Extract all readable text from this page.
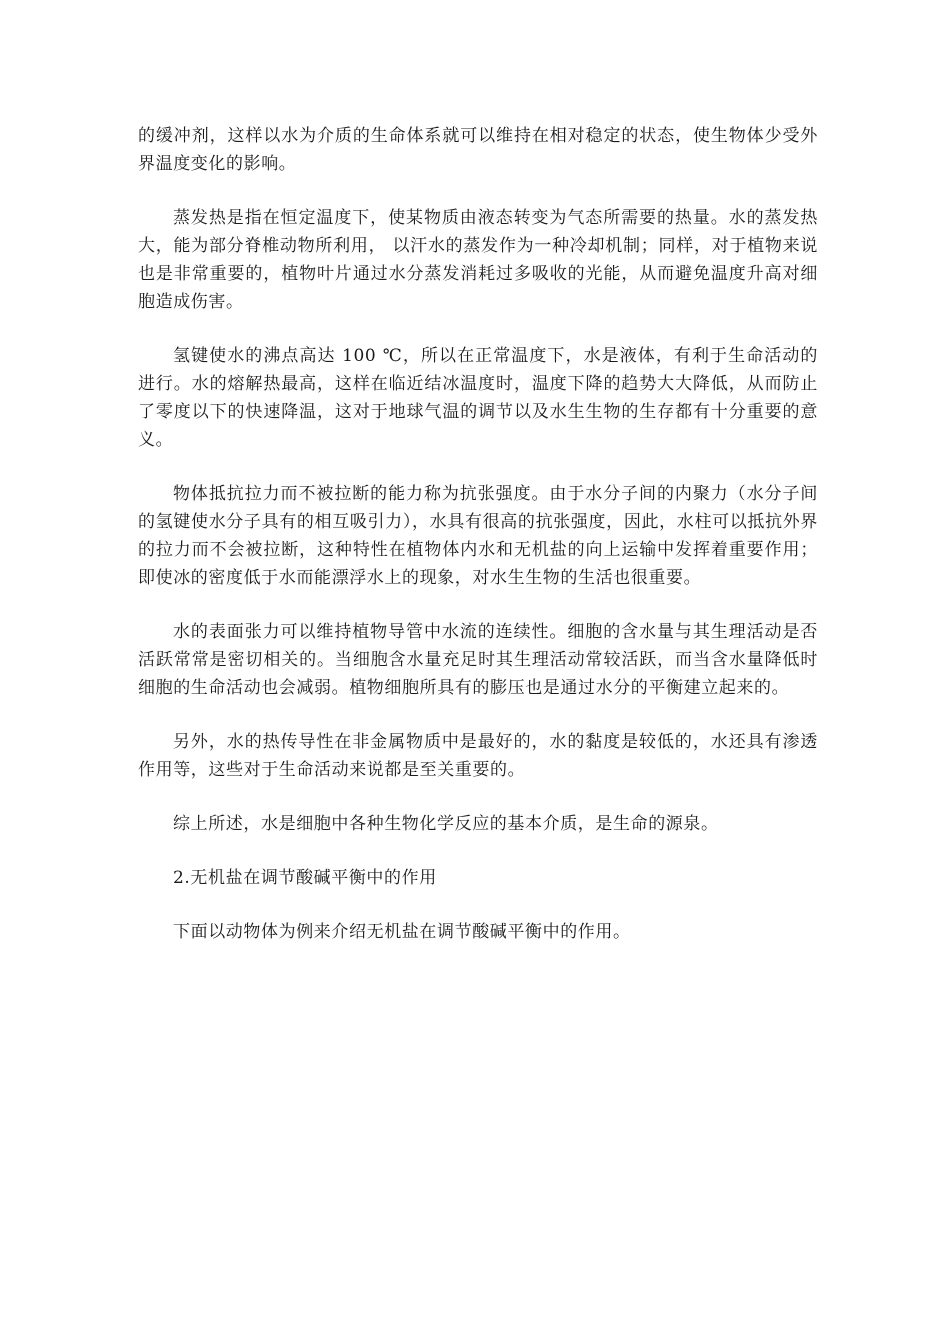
的缓冲剂，这样以水为介质的生命体系就可以维持在相对稳定的状态，使生物体少受外界温度变化的影响。

蒸发热是指在恒定温度下，使某物质由液态转变为气态所需要的热量。水的蒸发热大，能为部分脊椎动物所利用， 以汗水的蒸发作为一种冷却机制；同样，对于植物来说也是非常重要的，植物叶片通过水分蒸发消耗过多吸收的光能，从而避免温度升高对细胞造成伤害。

氢键使水的沸点高达 100 ℃，所以在正常温度下，水是液体，有利于生命活动的进行。水的熔解热最高，这样在临近结冰温度时，温度下降的趋势大大降低，从而防止了零度以下的快速降温，这对于地球气温的调节以及水生生物的生存都有十分重要的意义。

物体抵抗拉力而不被拉断的能力称为抗张强度。由于水分子间的内聚力（水分子间的氢键使水分子具有的相互吸引力），水具有很高的抗张强度，因此，水柱可以抵抗外界的拉力而不会被拉断，这种特性在植物体内水和无机盐的向上运输中发挥着重要作用；即使冰的密度低于水而能漂浮水上的现象，对水生生物的生活也很重要。

水的表面张力可以维持植物导管中水流的连续性。细胞的含水量与其生理活动是否活跃常常是密切相关的。当细胞含水量充足时其生理活动常较活跃，而当含水量降低时细胞的生命活动也会减弱。植物细胞所具有的膨压也是通过水分的平衡建立起来的。

另外，水的热传导性在非金属物质中是最好的，水的黏度是较低的，水还具有渗透作用等，这些对于生命活动来说都是至关重要的。

综上所述，水是细胞中各种生物化学反应的基本介质，是生命的源泉。

2.无机盐在调节酸碱平衡中的作用

下面以动物体为例来介绍无机盐在调节酸碱平衡中的作用。
